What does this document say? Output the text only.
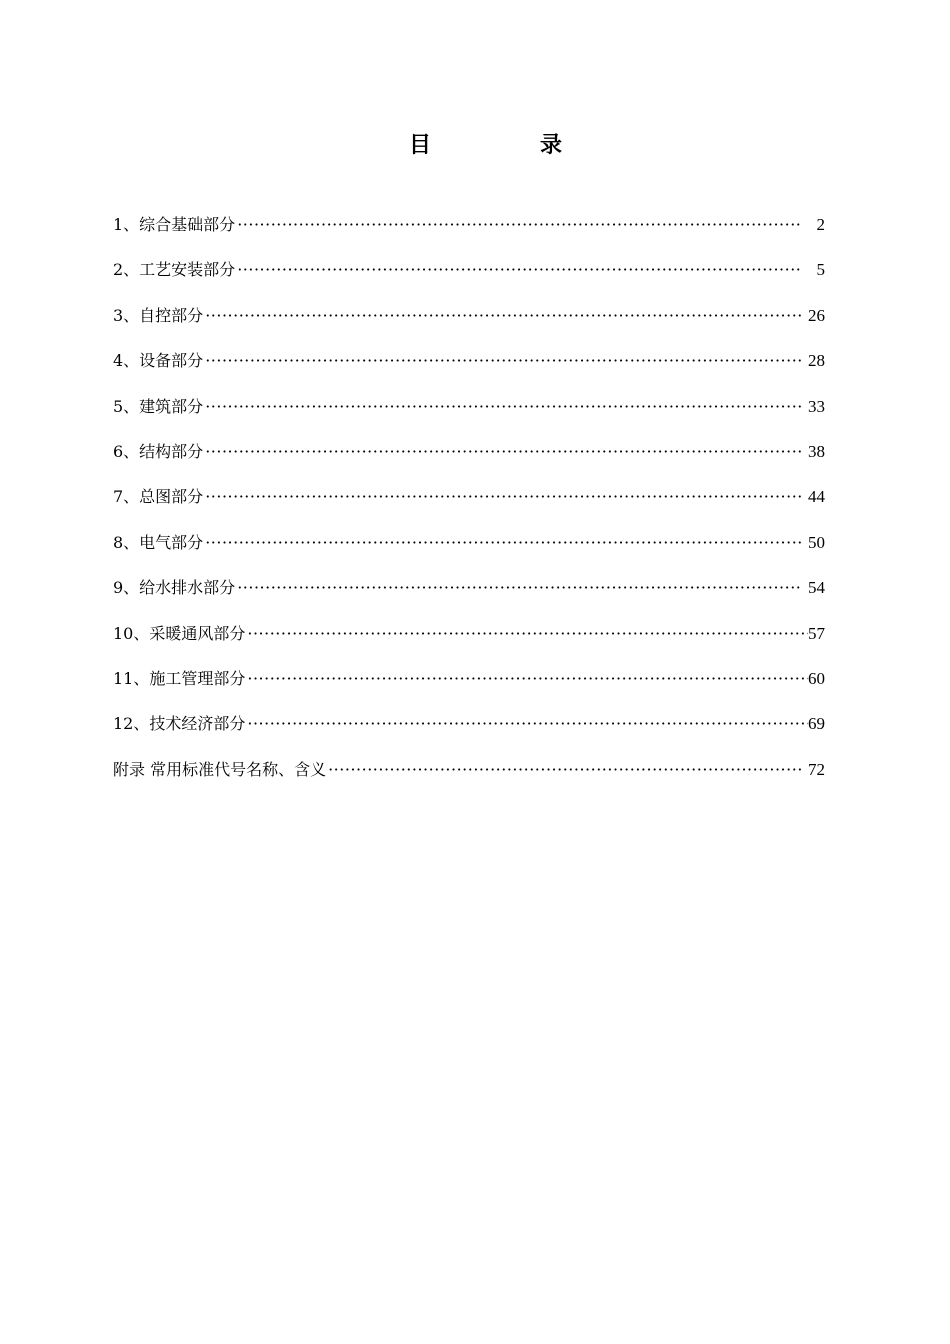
目	录
1、综合基础部分 ·····	2
2、工艺安装部分 ·····	5
3、自控部分 ·····	26
4、设备部分 ·····	28
5、建筑部分 ·····	33
6、结构部分 ·····	38
7、总图部分 ·····	44
8、电气部分 ·····	50
9、给水排水部分 ·····	54
10、采暖通风部分 ·····	57
11、施工管理部分 ·····	60
12、技术经济部分 ·····	69
附录 常用标准代号名称、含义 ·····	72
